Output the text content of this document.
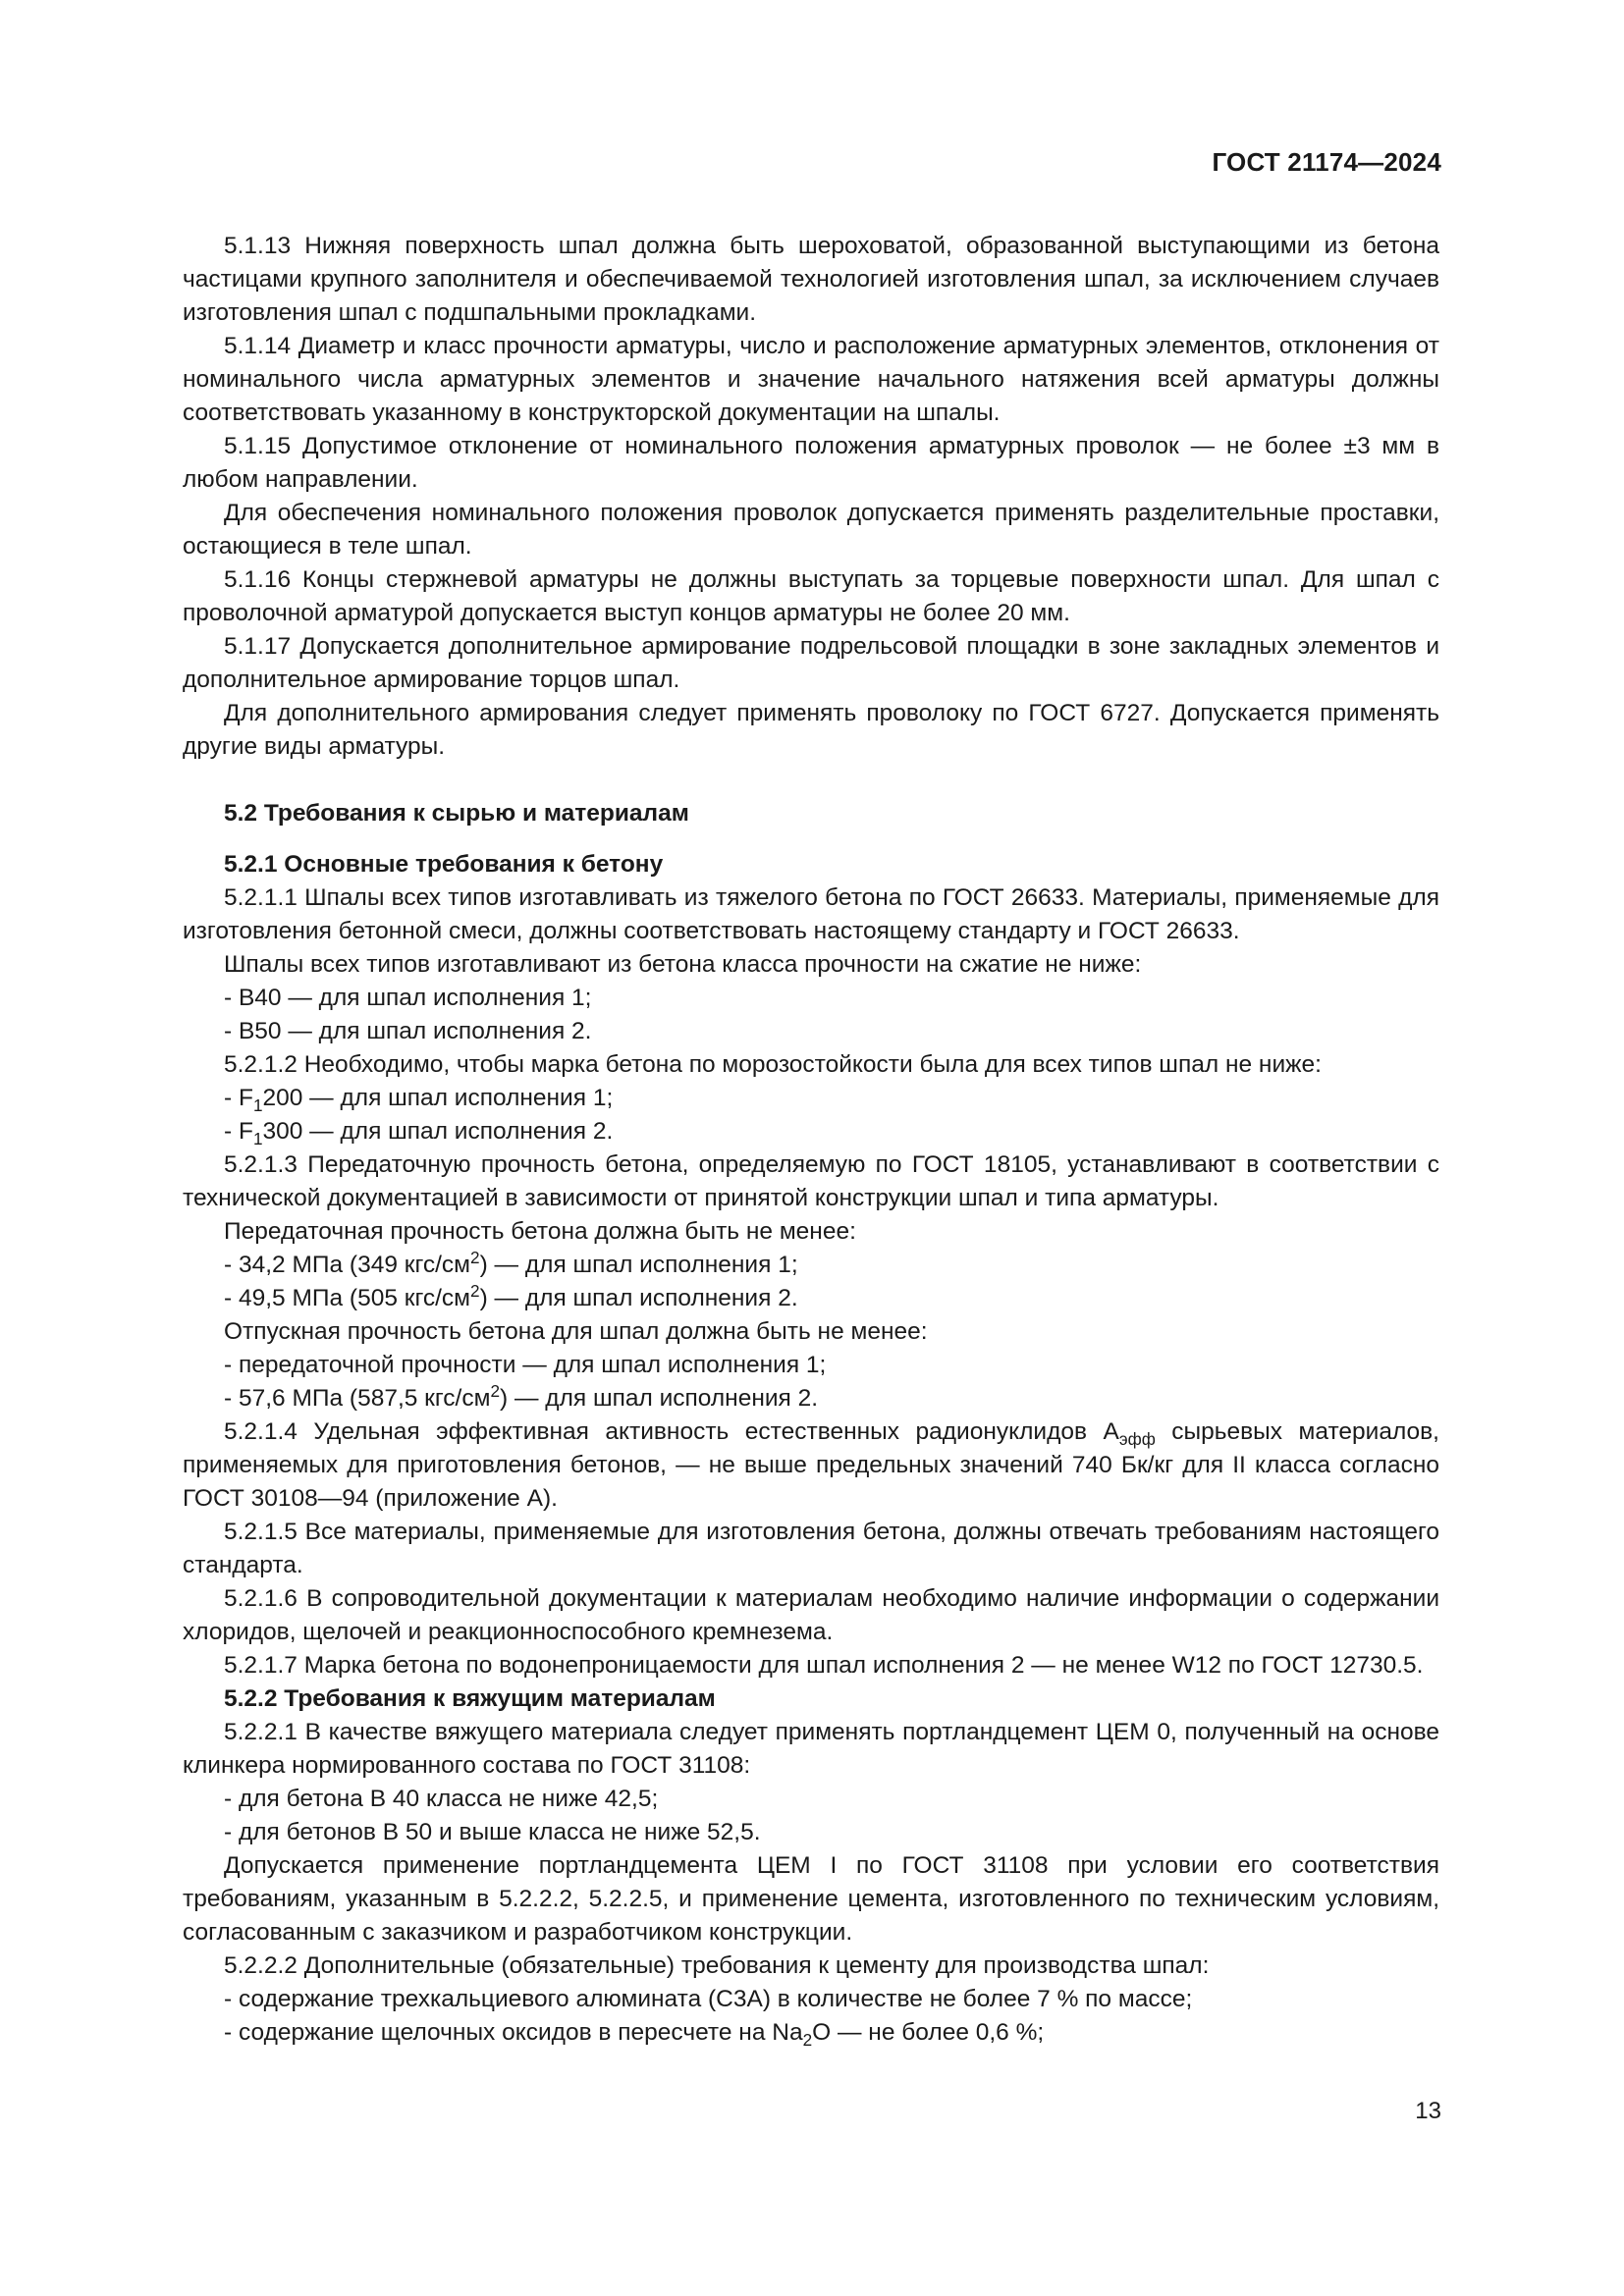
ГОСТ 21174—2024

5.1.13 Нижняя поверхность шпал должна быть шероховатой, образованной выступающими из бетона частицами крупного заполнителя и обеспечиваемой технологией изготовления шпал, за исключением случаев изготовления шпал с подшпальными прокладками.

5.1.14 Диаметр и класс прочности арматуры, число и расположение арматурных элементов, отклонения от номинального числа арматурных элементов и значение начального натяжения всей арматуры должны соответствовать указанному в конструкторской документации на шпалы.

5.1.15 Допустимое отклонение от номинального положения арматурных проволок — не более ±3 мм в любом направлении.

Для обеспечения номинального положения проволок допускается применять разделительные проставки, остающиеся в теле шпал.

5.1.16 Концы стержневой арматуры не должны выступать за торцевые поверхности шпал. Для шпал с проволочной арматурой допускается выступ концов арматуры не более 20 мм.

5.1.17 Допускается дополнительное армирование подрельсовой площадки в зоне закладных элементов и дополнительное армирование торцов шпал.

Для дополнительного армирования следует применять проволоку по ГОСТ 6727. Допускается применять другие виды арматуры.

5.2 Требования к сырью и материалам

5.2.1 Основные требования к бетону

5.2.1.1 Шпалы всех типов изготавливать из тяжелого бетона по ГОСТ 26633. Материалы, применяемые для изготовления бетонной смеси, должны соответствовать настоящему стандарту и ГОСТ 26633.

Шпалы всех типов изготавливают из бетона класса прочности на сжатие не ниже:

- В40 — для шпал исполнения 1;
- В50 — для шпал исполнения 2.

5.2.1.2 Необходимо, чтобы марка бетона по морозостойкости была для всех типов шпал не ниже:

- $F_1200$ — для шпал исполнения 1;
- $F_1300$ — для шпал исполнения 2.

5.2.1.3 Передаточную прочность бетона, определяемую по ГОСТ 18105, устанавливают в соответствии с технической документацией в зависимости от принятой конструкции шпал и типа арматуры.

Передаточная прочность бетона должна быть не менее:

- 34,2 МПа (349 кгс/$см^2$) — для шпал исполнения 1;
- 49,5 МПа (505 кгс/$см^2$) — для шпал исполнения 2.

Отпускная прочность бетона для шпал должна быть не менее:

- передаточной прочности — для шпал исполнения 1;
- 57,6 МПа (587,5 кгс/$см^2$) — для шпал исполнения 2.

5.2.1.4 Удельная эффективная активность естественных радионуклидов $А_{эфф}$ сырьевых материалов, применяемых для приготовления бетонов, — не выше предельных значений 740 Бк/кг для II класса согласно ГОСТ 30108—94 (приложение А).

5.2.1.5 Все материалы, применяемые для изготовления бетона, должны отвечать требованиям настоящего стандарта.

5.2.1.6 В сопроводительной документации к материалам необходимо наличие информации о содержании хлоридов, щелочей и реакционноспособного кремнезема.

5.2.1.7 Марка бетона по водонепроницаемости для шпал исполнения 2 — не менее W12 по ГОСТ 12730.5.

5.2.2 Требования к вяжущим материалам

5.2.2.1 В качестве вяжущего материала следует применять портландцемент ЦЕМ 0, полученный на основе клинкера нормированного состава по ГОСТ 31108:

- для бетона В 40 класса не ниже 42,5;
- для бетонов В 50 и выше класса не ниже 52,5.

Допускается применение портландцемента ЦЕМ I по ГОСТ 31108 при условии его соответствия требованиям, указанным в 5.2.2.2, 5.2.2.5, и применение цемента, изготовленного по техническим условиям, согласованным с заказчиком и разработчиком конструкции.

5.2.2.2 Дополнительные (обязательные) требования к цементу для производства шпал:

- содержание трехкальциевого алюмината (С3А) в количестве не более 7 % по массе;
- содержание щелочных оксидов в пересчете на $Na_2О$ — не более 0,6 %;
13
